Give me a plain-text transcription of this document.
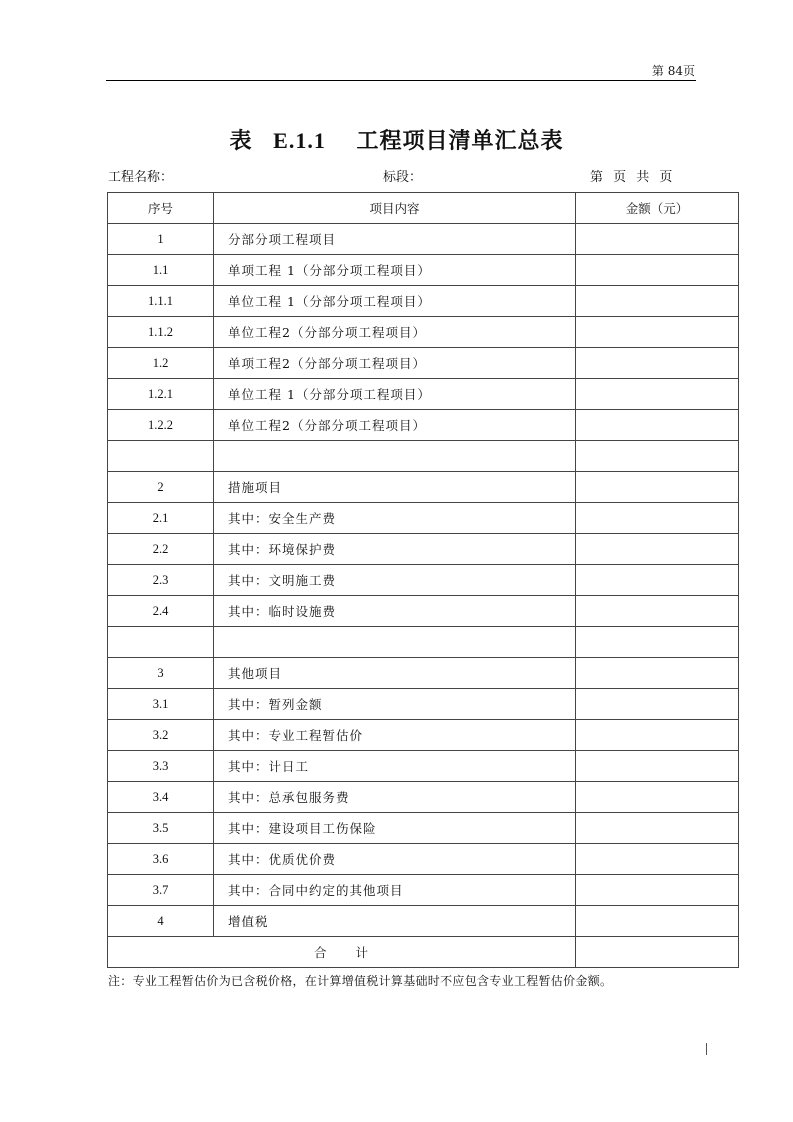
第 84页
表 E.1.1 工程项目清单汇总表
工程名称：	标段：	第 页 共 页
序号	项目内容	金额（元）
1	分部分项工程项目	
1.1	单项工程 1（分部分项工程项目）	
1.1.1	单位工程 1（分部分项工程项目）	
1.1.2	单位工程2（分部分项工程项目）	
1.2	单项工程2（分部分项工程项目）	
1.2.1	单位工程 1（分部分项工程项目）	
1.2.2	单位工程2（分部分项工程项目）	

2	措施项目	
2.1	其中：安全生产费	
2.2	其中：环境保护费	
2.3	其中：文明施工费	
2.4	其中：临时设施费	

3	其他项目	
3.1	其中：暂列金额	
3.2	其中：专业工程暂估价	
3.3	其中：计日工	
3.4	其中：总承包服务费	
3.5	其中：建设项目工伤保险	
3.6	其中：优质优价费	
3.7	其中：合同中约定的其他项目	
4	增值税	
合 计		
注：专业工程暂估价为已含税价格，在计算增值税计算基础时不应包含专业工程暂估价金额。
